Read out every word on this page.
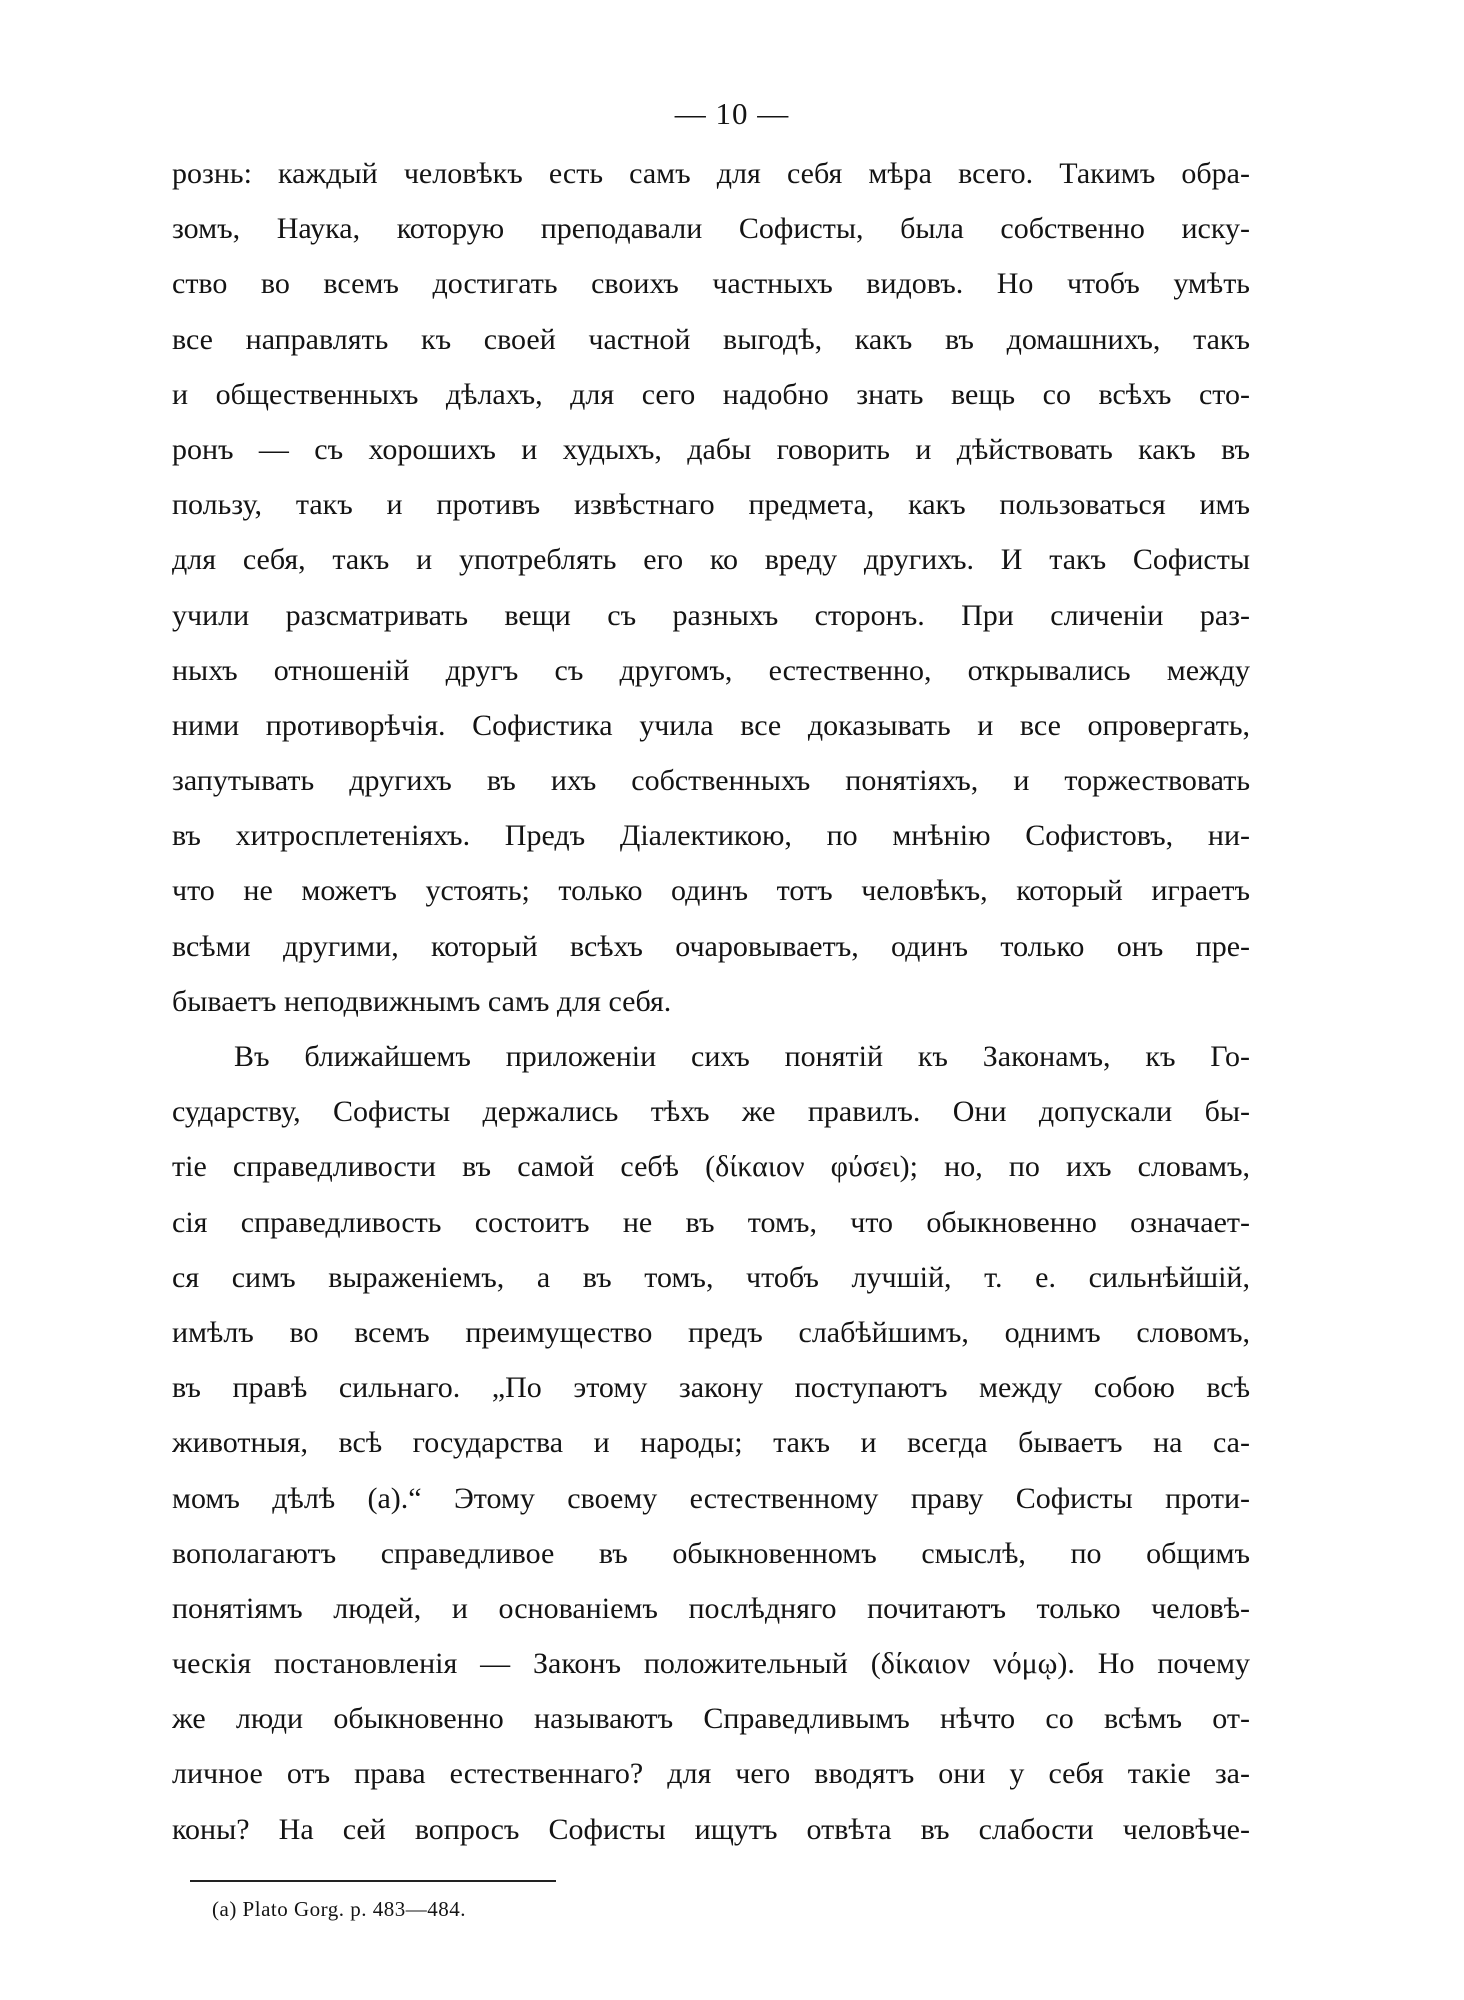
— 10 —
рознь: каждый человѣкъ есть самъ для себя мѣра всего. Такимъ обра-
зомъ, Наука, которую преподавали Софисты, была собственно иску-
ство во всемъ достигать своихъ частныхъ видовъ. Но чтобъ умѣть
все направлять къ своей частной выгодѣ, какъ въ домашнихъ, такъ
и общественныхъ дѣлахъ, для сего надобно знать вещь со всѣхъ сто-
ронъ — съ хорошихъ и худыхъ, дабы говорить и дѣйствовать какъ въ
пользу, такъ и противъ извѣстнаго предмета, какъ пользоваться имъ
для себя, такъ и употреблять его ко вреду другихъ. И такъ Софисты
учили разсматривать вещи съ разныхъ сторонъ. При сличеніи раз-
ныхъ отношеній другъ съ другомъ, естественно, открывались между
ними противорѣчія. Софистика учила все доказывать и все опровергать,
запутывать другихъ въ ихъ собственныхъ понятіяхъ, и торжествовать
въ хитросплетеніяхъ. Предъ Діалектикою, по мнѣнію Софистовъ, ни-
что не можетъ устоять; только одинъ тотъ человѣкъ, который играетъ
всѣми другими, который всѣхъ очаровываетъ, одинъ только онъ пре-
бываетъ неподвижнымъ самъ для себя.
Въ ближайшемъ приложеніи сихъ понятій къ Законамъ, къ Го-
сударству, Софисты держались тѣхъ же правилъ. Они допускали бы-
тіе справедливости въ самой себѣ (δίκαιον φύσει); но, по ихъ словамъ,
сія справедливость состоитъ не въ томъ, что обыкновенно означает-
ся симъ выраженіемъ, а въ томъ, чтобъ лучшій, т. е. сильнѣйшій,
имѣлъ во всемъ преимущество предъ слабѣйшимъ, однимъ словомъ,
въ правѣ сильнаго. „По этому закону поступаютъ между собою всѣ
животныя, всѣ государства и народы; такъ и всегда бываетъ на са-
момъ дѣлѣ (a).“ Этому своему естественному праву Софисты проти-
вополагаютъ справедливое въ обыкновенномъ смыслѣ, по общимъ
понятіямъ людей, и основаніемъ послѣдняго почитаютъ только человѣ-
ческія постановленія — Законъ положительный (δίκαιον νόμῳ). Но почему
же люди обыкновенно называютъ Справедливымъ нѣчто со всѣмъ от-
личное отъ права естественнаго? для чего вводятъ они у себя такіе за-
коны? На сей вопросъ Софисты ищутъ отвѣта въ слабости человѣче-
(a) Plato Gorg. p. 483—484.
